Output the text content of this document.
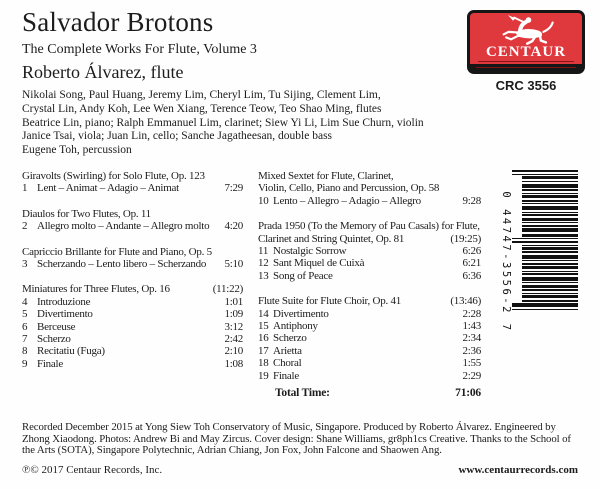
Salvador Brotons
The Complete Works For Flute, Volume 3
Roberto Álvarez, flute
Nikolai Song, Paul Huang, Jeremy Lim, Cheryl Lim, Tu Sijing, Clement Lim,
Crystal Lin, Andy Koh, Lee Wen Xiang, Terence Teow, Teo Shao Ming, flutes
Beatrice Lin, piano; Ralph Emmanuel Lim, clarinet; Siew Yi Li, Lim Sue Churn, violin
Janice Tsai, viola; Juan Lin, cello; Sanche Jagatheesan, double bass
Eugene Toh, percussion
CENTAUR
CRC 3556
0 44747-3556-2 7
Giravolts (Swirling) for Solo Flute, Op. 123
1 Lent – Animat – Adagio – Animat	7:29
Diaulos for Two Flutes, Op. 11
2 Allegro molto – Andante – Allegro molto	4:20
Capriccio Brillante for Flute and Piano, Op. 5
3 Scherzando – Lento libero – Scherzando	5:10
Miniatures for Three Flutes, Op. 16	(11:22)
4 Introduzione	1:01
5 Divertimento	1:09
6 Berceuse	3:12
7 Scherzo	2:42
8 Recitatiu (Fuga)	2:10
9 Finale	1:08
Mixed Sextet for Flute, Clarinet,
Violin, Cello, Piano and Percussion, Op. 58
10 Lento – Allegro – Adagio – Allegro	9:28
Prada 1950 (To the Memory of Pau Casals) for Flute,
Clarinet and String Quintet, Op. 81	(19:25)
11 Nostalgic Sorrow	6:26
12 Sant Miquel de Cuixà	6:21
13 Song of Peace	6:36
Flute Suite for Flute Choir, Op. 41	(13:46)
14 Divertimento	2:28
15 Antiphony	1:43
16 Scherzo	2:34
17 Arietta	2:36
18 Choral	1:55
19 Finale	2:29
Total Time:	71:06
Recorded December 2015 at Yong Siew Toh Conservatory of Music, Singapore. Produced by Roberto Álvarez. Engineered by Zhong Xiaodong. Photos: Andrew Bi and May Zircus. Cover design: Shane Williams, gr8ph1cs Creative. Thanks to the School of the Arts (SOTA), Singapore Polytechnic, Adrian Chiang, Jon Fox, John Falcone and Shaowen Ang.
℗© 2017 Centaur Records, Inc.	www.centaurrecords.com
